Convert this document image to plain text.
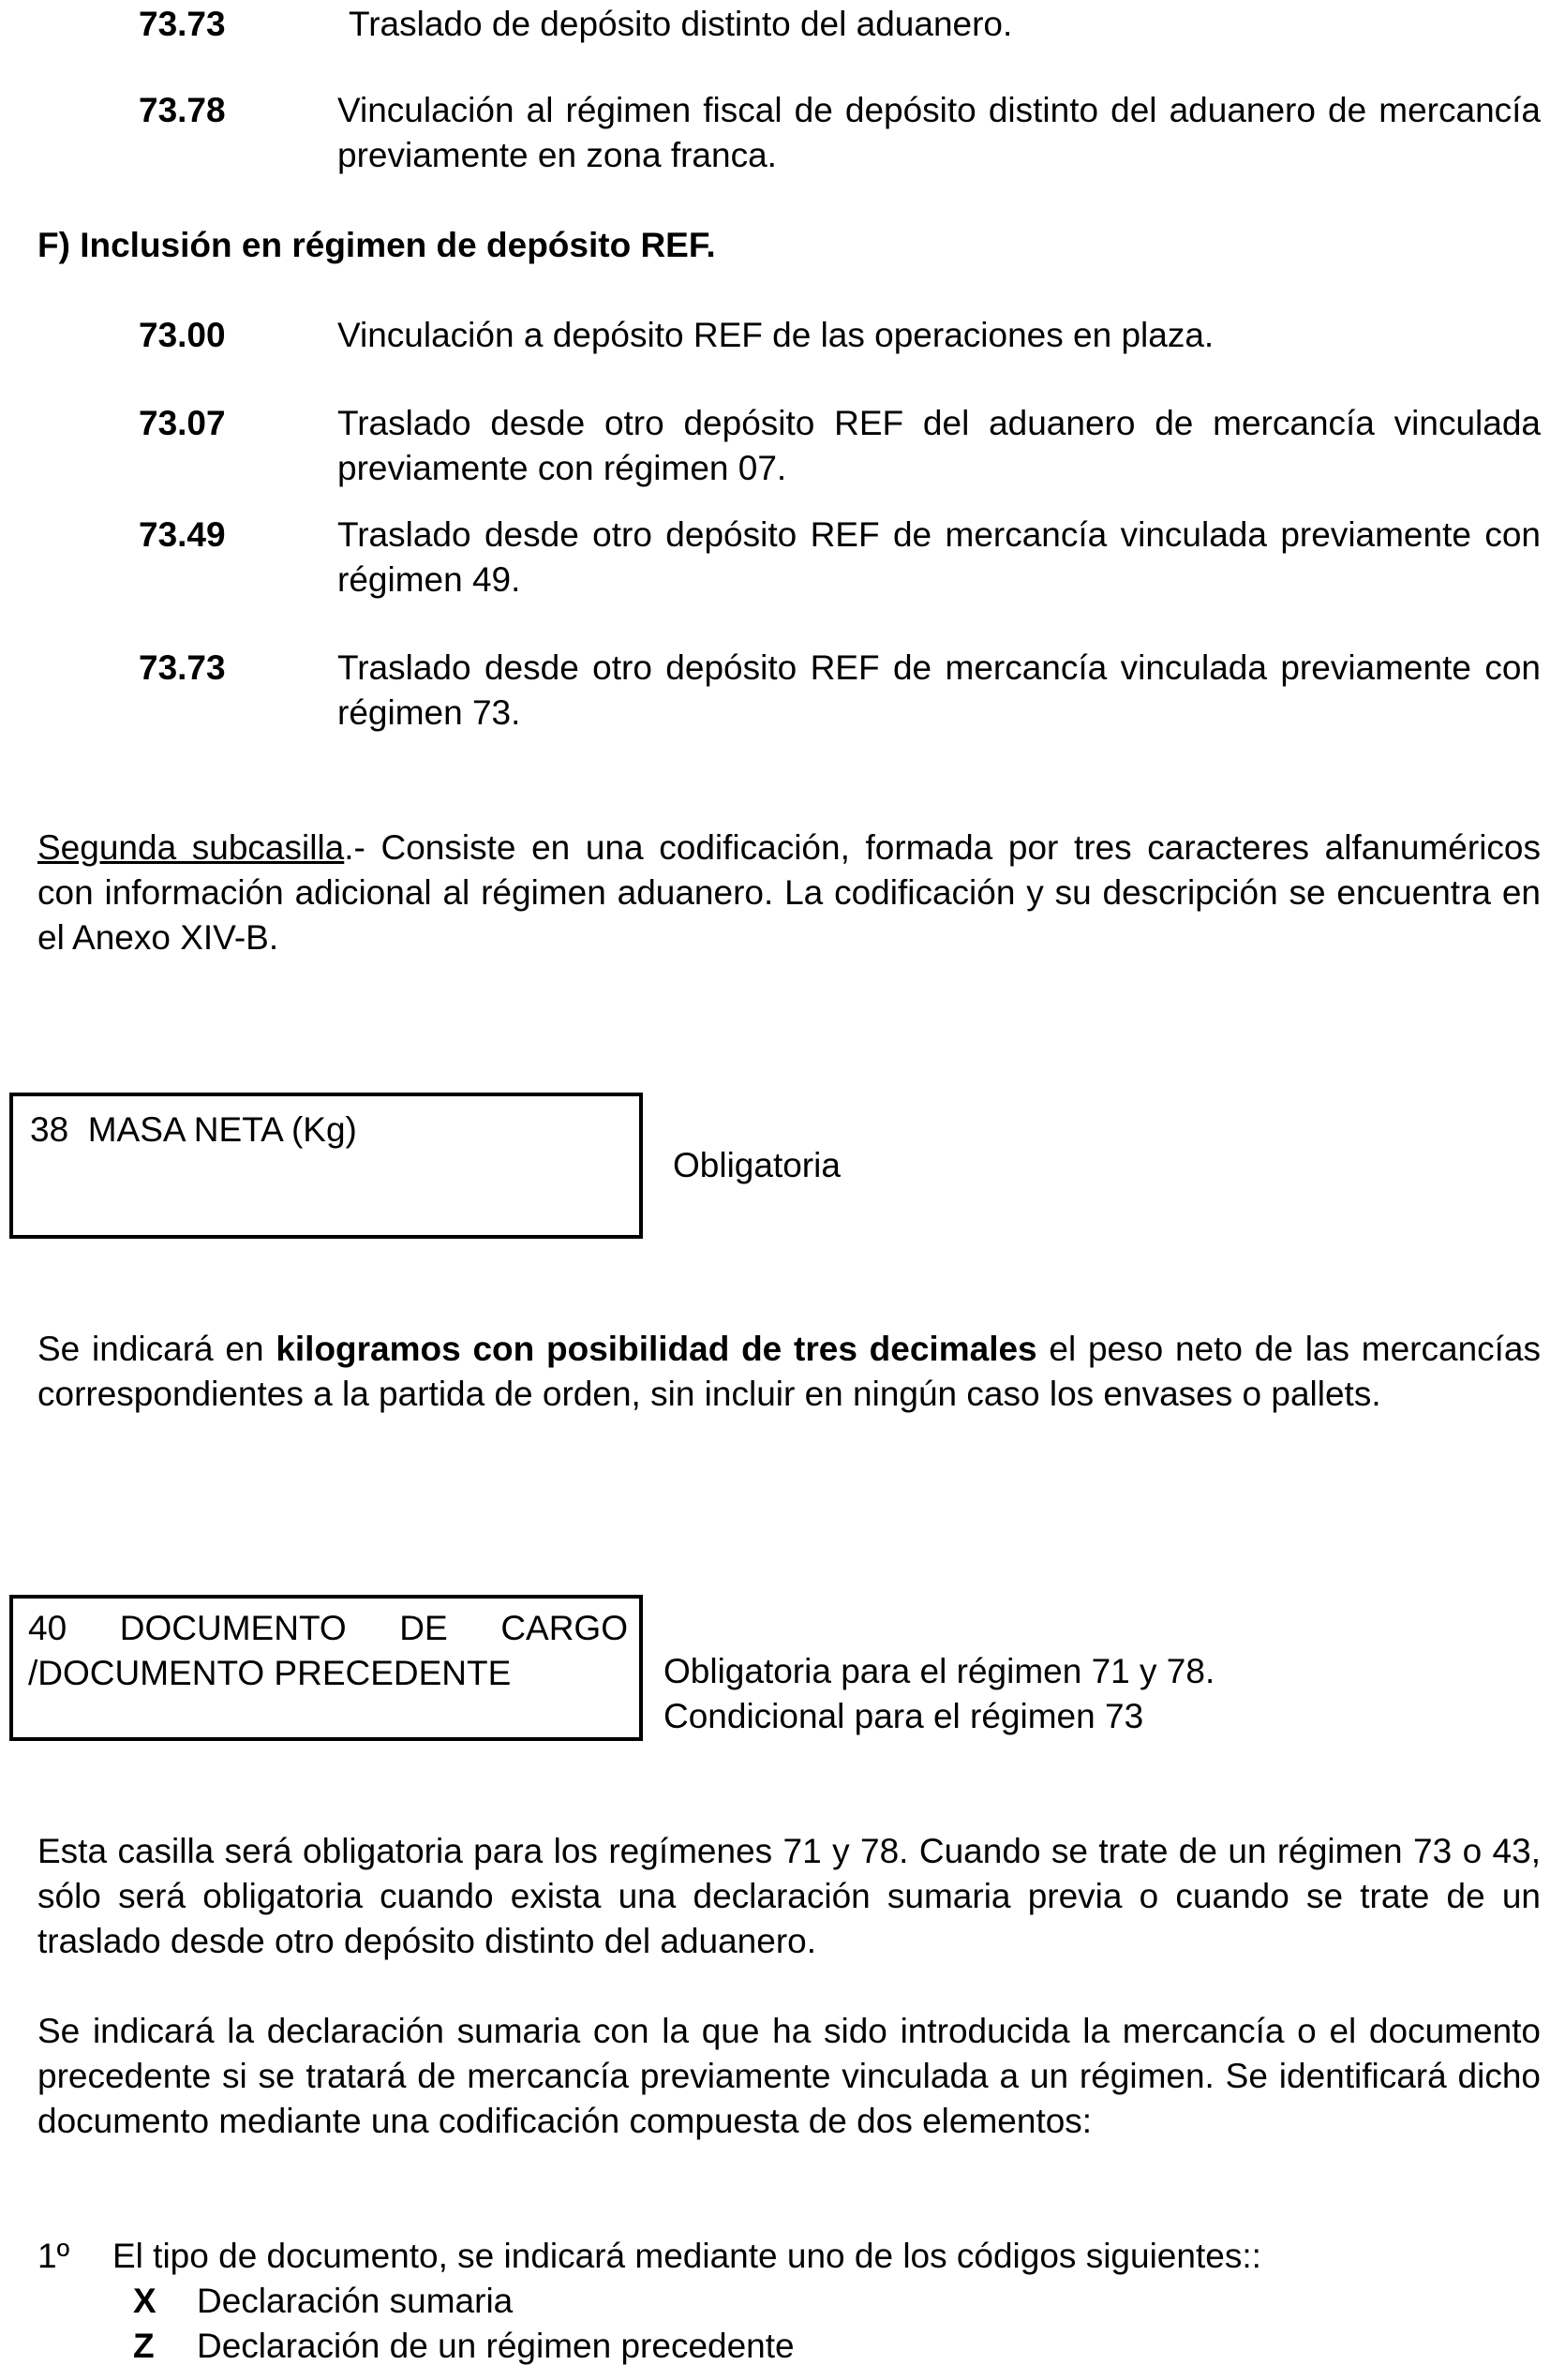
73.73	Traslado de depósito distinto del aduanero.
73.78	Vinculación al régimen fiscal de depósito distinto del aduanero de mercancía previamente en zona franca.
F) Inclusión en régimen de depósito REF.
73.00	Vinculación a depósito REF de las operaciones en plaza.
73.07	Traslado desde otro depósito REF del aduanero de mercancía vinculada previamente con régimen 07.
73.49	Traslado desde otro depósito REF de mercancía vinculada previamente con régimen 49.
73.73	Traslado desde otro depósito REF de mercancía vinculada previamente con régimen 73.
Segunda subcasilla.- Consiste en una codificación, formada por tres caracteres alfanuméricos con información adicional al régimen aduanero. La codificación y su descripción se encuentra en el Anexo XIV-B.
38  MASA NETA (Kg)
Obligatoria
Se indicará en kilogramos con posibilidad de tres decimales el peso neto de las mercancías correspondientes a la partida de orden, sin incluir en ningún caso los envases o pallets.
40 DOCUMENTO DE CARGO
/DOCUMENTO PRECEDENTE	Obligatoria para el régimen 71 y 78.
Condicional para el régimen 73
Esta casilla será obligatoria para los regímenes 71 y 78. Cuando se trate de un régimen 73 o 43, sólo será obligatoria cuando exista una declaración sumaria previa o cuando se trate de un traslado desde otro depósito distinto del aduanero.
Se indicará la declaración sumaria con la que ha sido introducida la mercancía o el documento precedente si se tratará de mercancía previamente vinculada a un régimen. Se identificará dicho documento mediante una codificación compuesta de dos elementos:
1º El tipo de documento, se indicará mediante uno de los códigos siguientes::
X Declaración sumaria
Z Declaración de un régimen precedente
